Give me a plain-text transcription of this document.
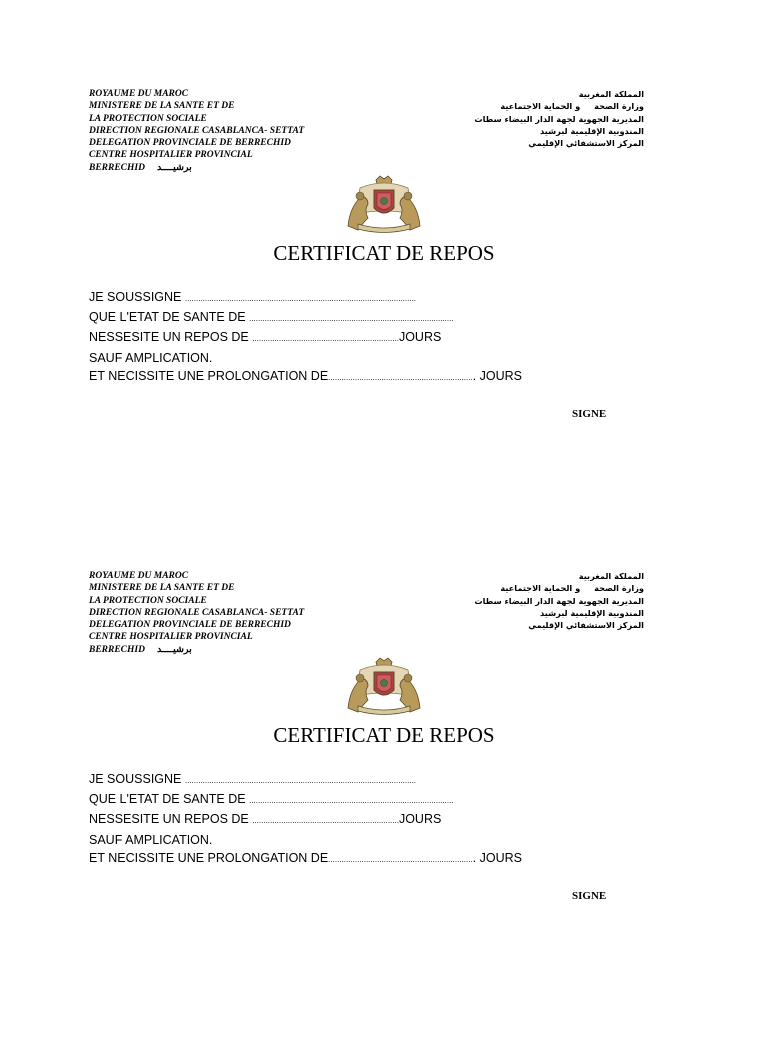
ROYAUME DU MAROC
MINISTERE DE LA SANTE ET DE
LA PROTECTION SOCIALE
DIRECTION REGIONALE CASABLANCA- SETTAT
DELEGATION PROVINCIALE DE BERRECHID
CENTRE HOSPITALIER PROVINCIAL
BERRECHID برشيــــد
المملكة المغربية
وزارة الصحةو الحماية الاجتماعية
المديرية الجهوية لجهة الدار البيضاء سطات
المندوبية الإقليمية لبرشيد
المركز الاستشفائي الإقليمي
CERTIFICAT DE REPOS
JE SOUSSIGNE ........................................................................................................
QUE L'ETAT DE SANTE DE ............................................................................................
NESSESITE UN REPOS DE ..................................................................JOURS
SAUF AMPLICATION.
ET NECISSITE UNE PROLONGATION DE.................................................................. JOURS
SIGNE
ROYAUME DU MAROC
MINISTERE DE LA SANTE ET DE
LA PROTECTION SOCIALE
DIRECTION REGIONALE CASABLANCA- SETTAT
DELEGATION PROVINCIALE DE BERRECHID
CENTRE HOSPITALIER PROVINCIAL
BERRECHID برشيــــد
المملكة المغربية
وزارة الصحةو الحماية الاجتماعية
المديرية الجهوية لجهة الدار البيضاء سطات
المندوبية الإقليمية لبرشيد
المركز الاستشفائي الإقليمي
CERTIFICAT DE REPOS
JE SOUSSIGNE ........................................................................................................
QUE L'ETAT DE SANTE DE ............................................................................................
NESSESITE UN REPOS DE ..................................................................JOURS
SAUF AMPLICATION.
ET NECISSITE UNE PROLONGATION DE.................................................................. JOURS
SIGNE
